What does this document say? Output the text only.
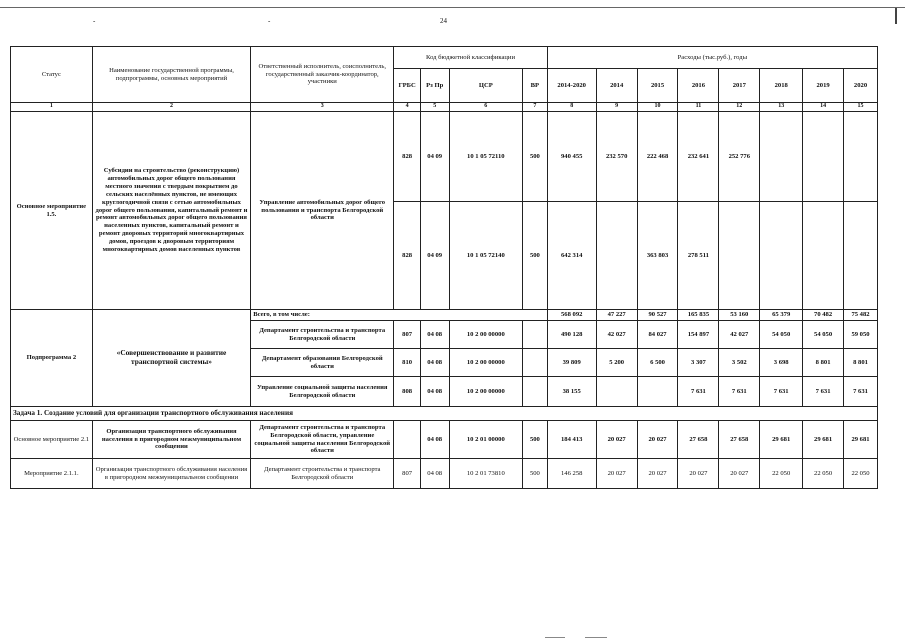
-	-	24
Статус	Наименование государственной программы, подпрограммы, основных мероприятий	Ответственный исполнитель, соисполнитель, государственный заказчик-координатор, участники	Код бюджетной классификации				Расходы (тыс.руб.), годы							
			ГРБС	Рз Пр	ЦСР	ВР	2014-2020	2014	2015	2016	2017	2018	2019	2020
1	2	3	4	5	6	7	8	9	10	11	12	13	14	15
Основное мероприятие 1.5.	Субсидии на строительство (реконструкцию) автомобильных дорог общего пользования местного значения с твердым покрытием до сельских населённых пунктов, не имеющих круглогодичной связи с сетью автомобильных дорог общего пользования, капитальный ремонт и ремонт автомобильных дорог общего пользования населенных пунктов, капитальный ремонт и ремонт дворовых территорий многоквартирных домов, проездов к дворовым территориям многоквартирных домов населенных пунктов	Управление автомобильных дорог общего пользования и транспорта Белгородской области	828	04 09	10 1 05 72110	500	940 455	232 570	222 468	232 641	252 776			
			828	04 09	10 1 05 72140	500	642 314		363 803	278 511				
Подпрограмма 2	«Совершенствование и развитие транспортной системы»	Всего, в том числе:					568 092	47 227	90 527	165 835	53 160	65 379	70 482	75 482
		Департамент строительства и транспорта Белгородской области	807	04 08	10 2 00 00000		490 128	42 027	84 027	154 897	42 027	54 050	54 050	59 050
		Департамент образования Белгородской области	810	04 08	10 2 00 00000		39 809	5 200	6 500	3 307	3 502	3 698	8 801	8 801
		Управление социальной защиты населения Белгородской области	808	04 08	10 2 00 00000		38 155			7 631	7 631	7 631	7 631	7 631
Задача 1. Создание условий для организации транспортного обслуживания населения														
Основное мероприятие 2.1	Организация транспортного обслуживания населения в пригородном межмуниципальном сообщении	Департамент строительства и транспорта Белгородской области, управление социальной защиты населения Белгородской области		04 08	10 2 01 00000	500	184 413	20 027	20 027	27 658	27 658	29 681	29 681	29 681
Мероприятие 2.1.1.	Организация транспортного обслуживания населения в пригородном межмуниципальном сообщении	Департамент строительства и транспорта Белгородской области	807	04 08	10 2 01 73810	500	146 258	20 027	20 027	20 027	20 027	22 050	22 050	22 050
